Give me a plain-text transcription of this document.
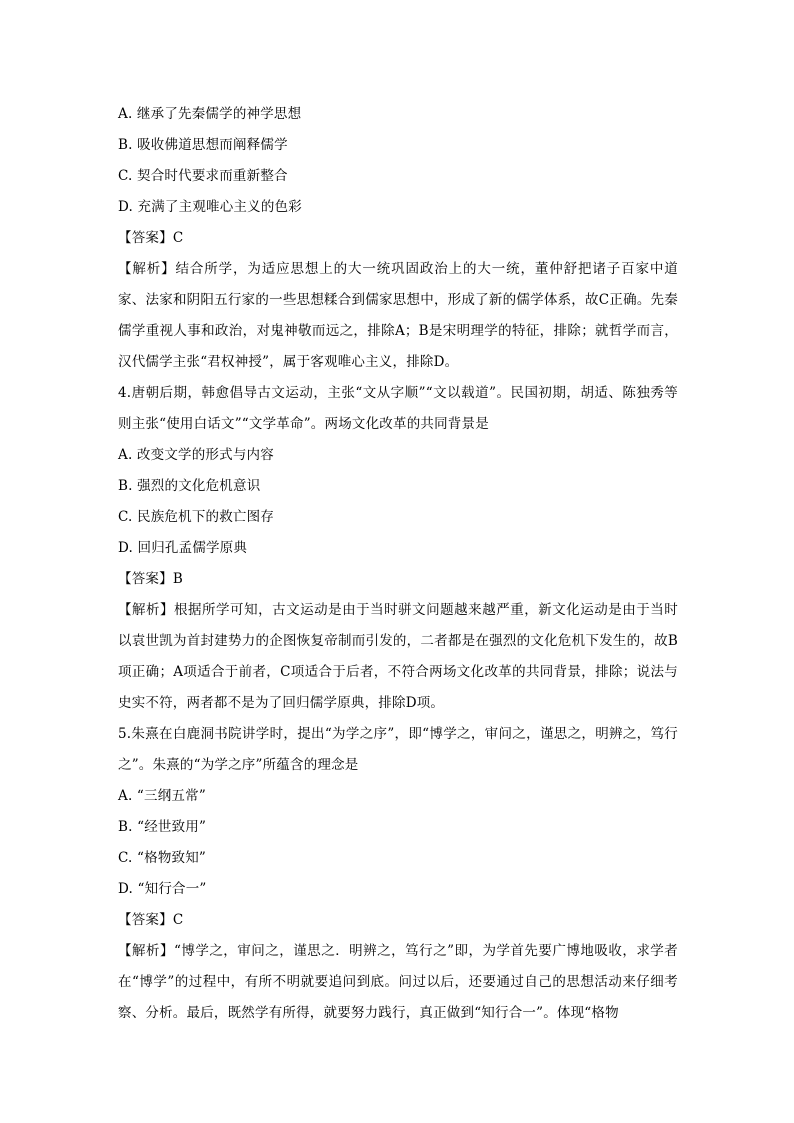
A. 继承了先秦儒学的神学思想
B. 吸收佛道思想而阐释儒学
C. 契合时代要求而重新整合
D. 充满了主观唯心主义的色彩
【答案】C
【解析】结合所学，为适应思想上的大一统巩固政治上的大一统，董仲舒把诸子百家中道家、法家和阴阳五行家的一些思想糅合到儒家思想中，形成了新的儒学体系，故C正确。先秦儒学重视人事和政治，对鬼神敬而远之，排除A；B是宋明理学的特征，排除；就哲学而言，汉代儒学主张“君权神授”，属于客观唯心主义，排除D。
4.唐朝后期，韩愈倡导古文运动，主张“文从字顺”“文以载道”。民国初期，胡适、陈独秀等则主张“使用白话文”“文学革命”。两场文化改革的共同背景是
A. 改变文学的形式与内容
B. 强烈的文化危机意识
C. 民族危机下的救亡图存
D. 回归孔孟儒学原典
【答案】B
【解析】根据所学可知，古文运动是由于当时骈文问题越来越严重，新文化运动是由于当时以袁世凯为首封建势力的企图恢复帝制而引发的，二者都是在强烈的文化危机下发生的，故B项正确；A项适合于前者，C项适合于后者，不符合两场文化改革的共同背景，排除；说法与史实不符，两者都不是为了回归儒学原典，排除D项。
5.朱熹在白鹿洞书院讲学时，提出“为学之序”，即“博学之，审问之，谨思之，明辨之，笃行之”。朱熹的“为学之序”所蕴含的理念是
A. “三纲五常”
B. “经世致用”
C. “格物致知”
D. “知行合一”
【答案】C
【解析】“博学之，审问之，谨思之．明辨之，笃行之”即，为学首先要广博地吸收，求学者在“博学”的过程中，有所不明就要追问到底。问过以后，还要通过自己的思想活动来仔细考察、分析。最后，既然学有所得，就要努力践行，真正做到“知行合一”。体现“格物
